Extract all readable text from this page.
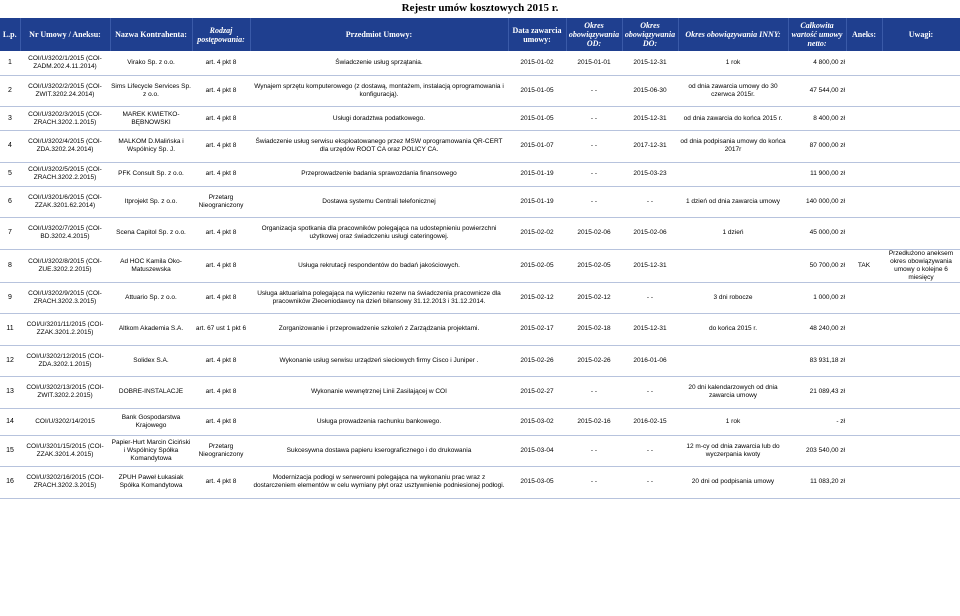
Rejestr umów kosztowych 2015 r.
L.p.	Nr Umowy / Aneksu:	Nazwa Kontrahenta:	Rodzaj postępowania:	Przedmiot Umowy:	Data zawarcia umowy:	Okres obowiązywania OD:	Okres obowiązywania DO:	Okres obowiązywania INNY:	Całkowita wartość umowy netto:	Aneks:	Uwagi:
1	COI/U/3202/1/2015 (COI-ZADM.202.4.11.2014)	Virako Sp. z o.o.	art. 4 pkt 8	Świadczenie usług sprzątania.	2015-01-02	2015-01-01	2015-12-31	1 rok	4 800,00 zł		
2	COI/U/3202/2/2015 (COI-ZWIT.3202.24.2014)	Sims Lifecycle Services Sp. z o.o.	art. 4 pkt 8	Wynajem sprzętu komputerowego (z dostawą, montażem, instalacją oprogramowania i konfiguracją).	2015-01-05	- -	2015-06-30	od dnia zawarcia umowy do 30 czerwca 2015r.	47 544,00 zł		
3	COI/U/3202/3/2015 (COI-ZRACH.3202.1.2015)	MAREK KWIETKO-BĘBNOWSKI	art. 4 pkt 8	Usługi doradztwa podatkowego.	2015-01-05	- -	2015-12-31	od dnia zawarcia do końca 2015 r.	8 400,00 zł		
4	COI/U/3202/4/2015 (COI-ZDA.3202.24.2014)	MALKOM D.Malińska i Wspólnicy Sp. J.	art. 4 pkt 8	Świadczenie usług serwisu eksploatowanego przez MSW oprogramowania QR-CERT dla urzędów ROOT CA oraz POLICY CA.	2015-01-07	- -	2017-12-31	od dnia podpisania umowy do końca 2017r	87 000,00 zł		
5	COI/U/3202/5/2015 (COI-ZRACH.3202.2.2015)	PFK Consult Sp. z o.o.	art. 4 pkt 8	Przeprowadzenie badania sprawozdania finansowego	2015-01-19	- -	2015-03-23		11 900,00 zł		
6	COI/U/3201/6/2015 (COI-ZZAK.3201.62.2014)	Itprojekt Sp. z o.o.	Przetarg Nieograniczony	Dostawa systemu Centrali telefonicznej	2015-01-19	- -	- -	1 dzień od dnia zawarcia umowy	140 000,00 zł		
7	COI/U/3202/7/2015 (COI-BD.3202.4.2015)	Scena Capitol Sp. z o.o.	art. 4 pkt 8	Organizacja spotkania dla pracowników polegająca na udostepnieniu powierzchni użytkowej oraz świadczeniu usługi cateringowej.	2015-02-02	2015-02-06	2015-02-06	1 dzień	45 000,00 zł		
8	COI/U/3202/8/2015 (COI-ZUE.3202.2.2015)	Ad HOC Kamila Oko-Matuszewska	art. 4 pkt 8	Usługa rekrutacji respondentów do badań jakościowych.	2015-02-05	2015-02-05	2015-12-31		50 700,00 zł	TAK	Przedłużono aneksem okres obowiązywania umowy o kolejne 6 miesięcy
9	COI/U/3202/9/2015 (COI-ZRACH.3202.3.2015)	Attuario Sp. z o.o.	art. 4 pkt 8	Usługa aktuarialna polegająca na wyliczeniu rezerw na świadczenia pracownicze dla pracowników Zleceniodawcy na dzień bilansowy 31.12.2013 i 31.12.2014.	2015-02-12	2015-02-12	- -	3 dni robocze	1 000,00 zł		
11	COI/U/3201/11/2015 (COI-ZZAK.3201.2.2015)	Altkom Akademia S.A.	art. 67 ust 1 pkt 6	Zorganizowanie i przeprowadzenie szkoleń z Zarządzania projektami.	2015-02-17	2015-02-18	2015-12-31	do końca 2015 r.	48 240,00 zł		
12	COI/U/3202/12/2015 (COI-ZDA.3202.1.2015)	Solidex S.A.	art. 4 pkt 8	Wykonanie usług serwisu urządzeń sieciowych firmy Cisco i Juniper .	2015-02-26	2015-02-26	2016-01-06		83 931,18 zł		
13	COI/U/3202/13/2015 (COI-ZWIT.3202.2.2015)	DOBRE-INSTALACJE	art. 4 pkt 8	Wykonanie wewnętrznej Linii Zasilającej w COI	2015-02-27	- -	- -	20 dni kalendarzowych od dnia zawarcia umowy	21 089,43 zł		
14	COI/U/3202/14/2015	Bank Gospodarstwa Krajowego	art. 4 pkt 8	Usługa prowadzenia rachunku bankowego.	2015-03-02	2015-02-16	2016-02-15	1 rok	- zł		
15	COI/U/3201/15/2015 (COI-ZZAK.3201.4.2015)	Papier-Hurt Marcin Ciciński i Wspólnicy Spółka Komandytowa	Przetarg Nieograniczony	Sukcesywna dostawa papieru kserograficznego i do drukowania	2015-03-04	- -	- -	12 m-cy od dnia zawarcia lub do wyczerpania kwoty	203 540,00 zł		
16	COI/U/3202/16/2015 (COI-ZRACH.3202.3.2015)	ZPUH Paweł Łukasiak Spółka Komandytowa	art. 4 pkt 8	Modernizacja podłogi w serwerowni polegająca na wykonaniu prac wraz z dostarczeniem elementów w celu wymiany płyt oraz usztywnienie podniesionej podłogi.	2015-03-05	- -	- -	20 dni od podpisania umowy	11 083,20 zł		
